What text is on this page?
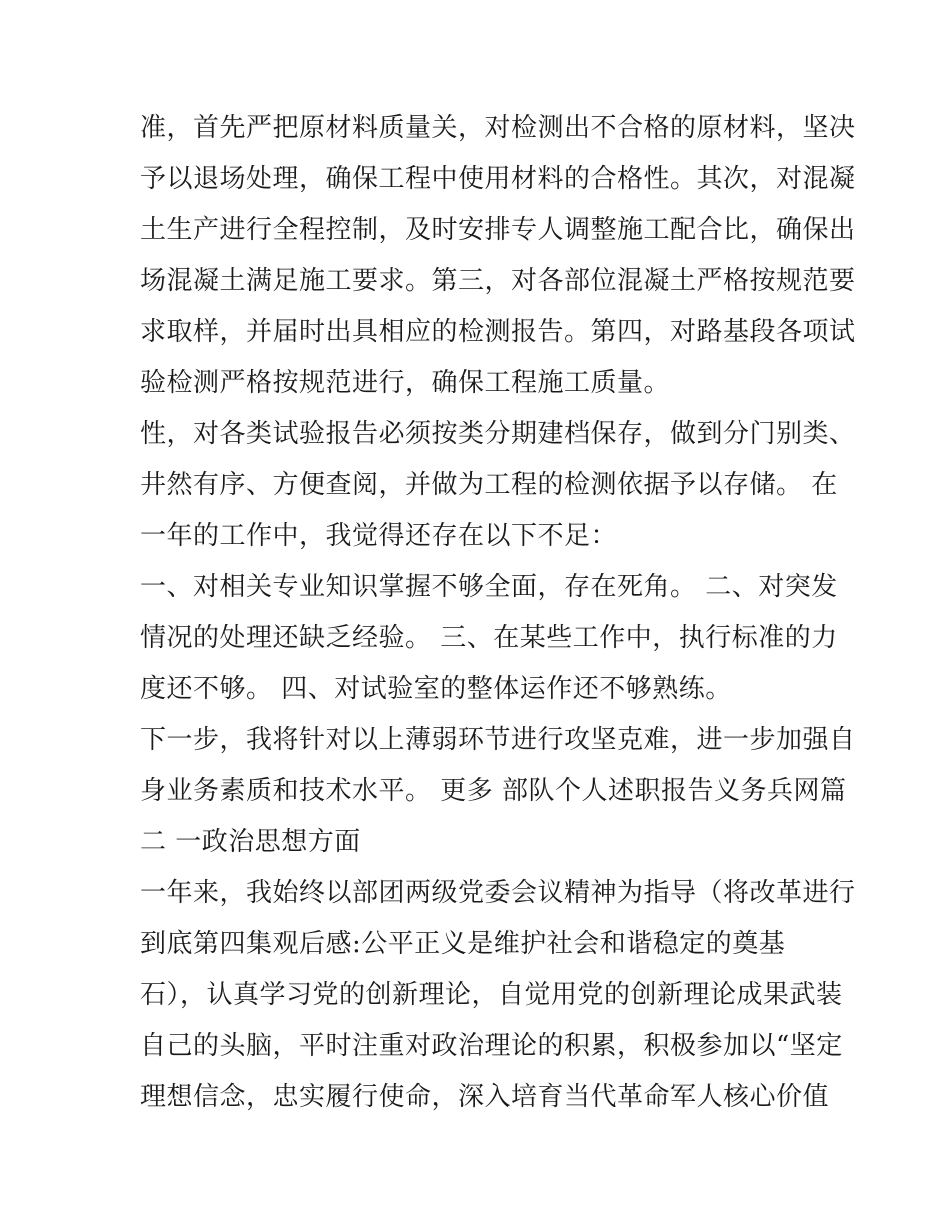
准，首先严把原材料质量关，对检测出不合格的原材料，坚决
予以退场处理，确保工程中使用材料的合格性。其次，对混凝
土生产进行全程控制，及时安排专人调整施工配合比，确保出
场混凝土满足施工要求。第三，对各部位混凝土严格按规范要
求取样，并届时出具相应的检测报告。第四，对路基段各项试
验检测严格按规范进行，确保工程施工质量。
性，对各类试验报告必须按类分期建档保存，做到分门别类、
井然有序、方便查阅，并做为工程的检测依据予以存储。 在
一年的工作中，我觉得还存在以下不足：
一、对相关专业知识掌握不够全面，存在死角。 二、对突发
情况的处理还缺乏经验。 三、在某些工作中，执行标准的力
度还不够。 四、对试验室的整体运作还不够熟练。
下一步，我将针对以上薄弱环节进行攻坚克难，进一步加强自
身业务素质和技术水平。 更多 部队个人述职报告义务兵网篇
二 一政治思想方面
一年来，我始终以部团两级党委会议精神为指导（将改革进行
到底第四集观后感:公平正义是维护社会和谐稳定的奠基
石），认真学习党的创新理论，自觉用党的创新理论成果武装
自己的头脑，平时注重对政治理论的积累，积极参加以“坚定
理想信念，忠实履行使命，深入培育当代革命军人核心价值
